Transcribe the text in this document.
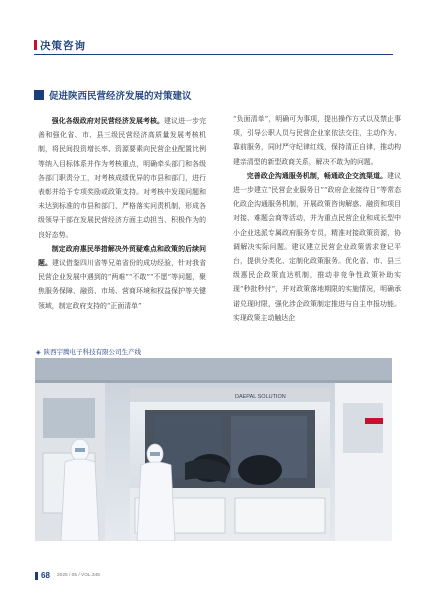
决策咨询
促进陕西民营经济发展的对策建议

强化各级政府对民营经济发展考核。建议进一步完善和强化省、市、县三级民营经济高质量发展考核机制，将民间投资增长率、资源要素向民营企业配置比例等纳入目标体系并作为考核重点，明确牵头部门和各级各部门职责分工，对考核成绩优异的市县和部门，进行表彰并给予专项奖励或政策支持。对考核中发现问题和未达到标准的市县和部门，严格落实问责机制，形成各级领导干部在发展民营经济方面主动担当、积极作为的良好态势。

制定政府惠民举措解决外贸疑难点和政策的后续问题。建议借鉴四川省等兄弟省份的成功经验，针对我省民营企业发展中遇到的“两难”“不敢”“不愿”等问题，聚焦服务保障、融资、市场、营商环境和权益保护等关键领域，制定政府支持的“正面清单”

“负面清单”，明确可为事项，提出操作方式以及禁止事项，引导公职人员与民营企业家依法交往，主动作为、靠前服务，同时严守纪律红线，保持清正自律，推动构建亲清型的新型政商关系，解决不敢为的问题。

完善政企沟通服务机制，畅通政企交流渠道。建议进一步建立“民营企业服务日”“政府企业接待日”等常态化政企沟通服务机制，开展政策咨询解惑、融资和项目对接、难题会商等活动，并为重点民营企业和成长型中小企业选派专属政府服务专员，精准对接政策资源，协调解决实际问题。建议建立民营企业政策需求登记平台，提供分类化、定制化政策服务。优化省、市、县三级惠民企政策直达机制，推动非竞争性政策补助实现“秒批秒付”，并对政策落地期限的实施情况，明确承诺兑现时限，强化涉企政策制定推进与自主申报功能。实现政策主动触达企

◈ 陕西宇腾电子科技有限公司生产线
DAEPAL SOLUTION
68 2025 / 05 / VOL.345
